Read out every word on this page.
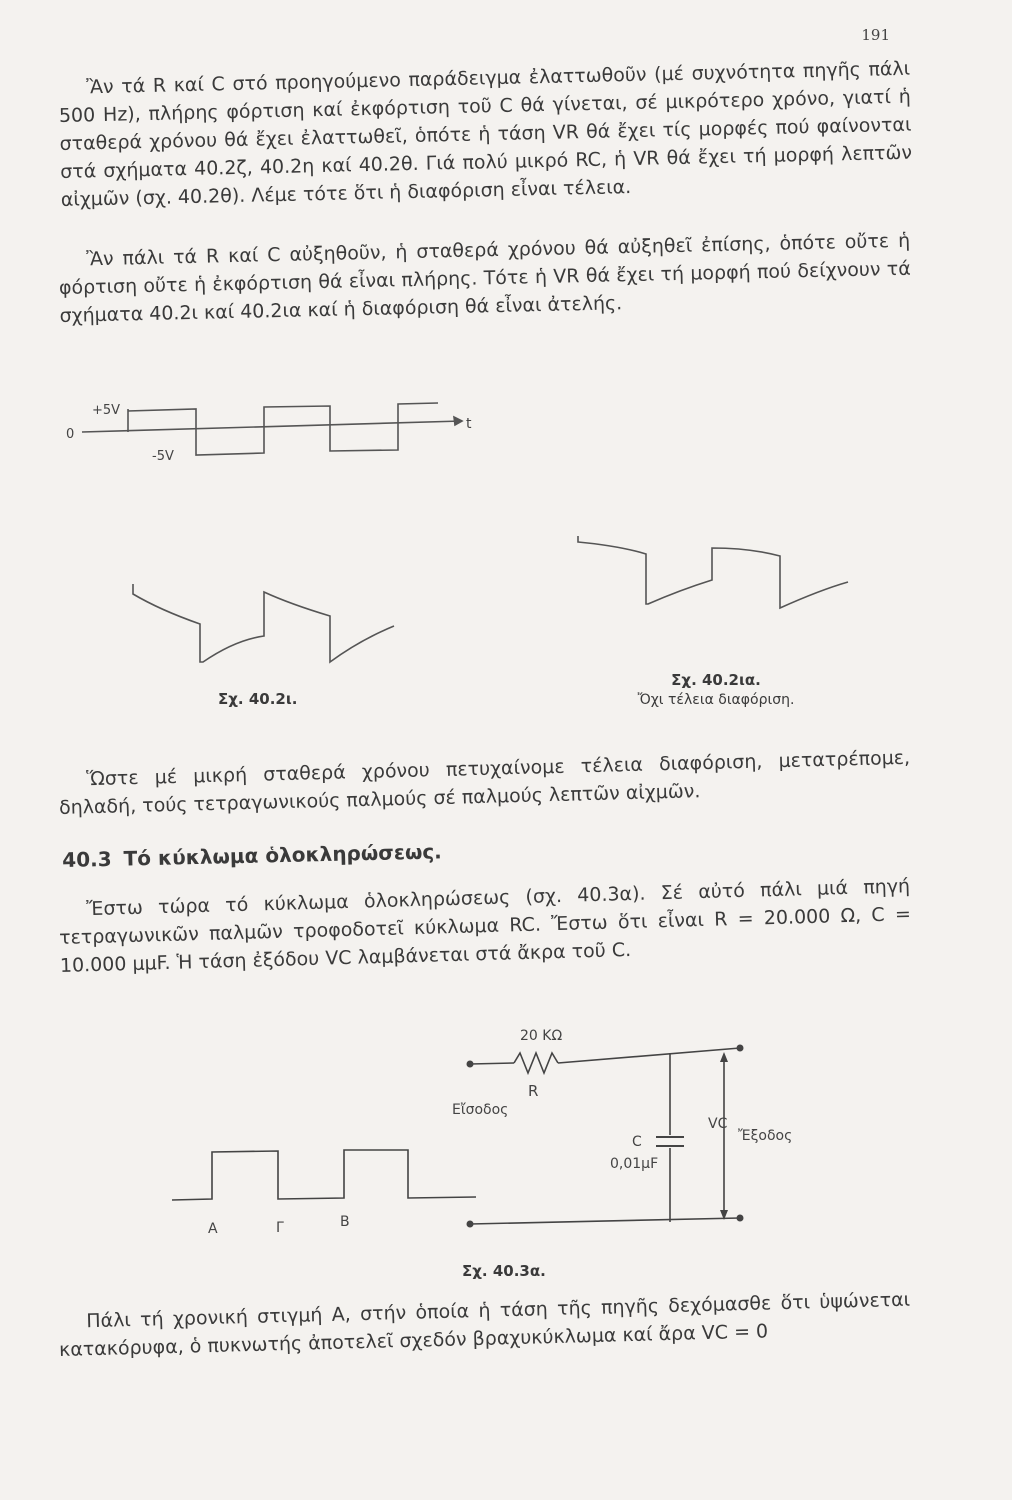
191

Ἂν τά R καί C στό προηγούμενο παράδειγμα ἐλαττωθοῦν (μέ συχνότητα πηγῆς πάλι 500 Hz), πλήρης φόρτιση καί ἐκφόρτιση τοῦ C θά γίνεται, σέ μικρότερο χρόνο, γιατί ἡ σταθερά χρόνου θά ἔχει ἐλαττωθεῖ, ὁπότε ἡ τάση VR θά ἔχει τίς μορφές πού φαίνονται στά σχήματα 40.2ζ, 40.2η καί 40.2θ. Γιά πολύ μικρό RC, ἡ VR θά ἔχει τή μορφή λεπτῶν αἰχμῶν (σχ. 40.2θ). Λέμε τότε ὅτι ἡ διαφόριση εἶναι τέλεια.

Ἂν πάλι τά R καί C αὐξηθοῦν, ἡ σταθερά χρόνου θά αὐξηθεῖ ἐπίσης, ὁπότε οὔτε ἡ φόρτιση οὔτε ἡ ἐκφόρτιση θά εἶναι πλήρης. Τότε ἡ VR θά ἔχει τή μορφή πού δείχνουν τά σχήματα 40.2ι καί 40.2ια καί ἡ διαφόριση θά εἶναι ἀτελής.

+5V
0
-5V
t
Σχ. 40.2ι.
Σχ. 40.2ια.
Ὄχι τέλεια διαφόριση.

Ὥστε μέ μικρή σταθερά χρόνου πετυχαίνομε τέλεια διαφόριση, μετατρέπομε, δηλαδή, τούς τετραγωνικούς παλμούς σέ παλμούς λεπτῶν αἰχμῶν.

40.3 Τό κύκλωμα ὁλοκληρώσεως.

Ἔστω τώρα τό κύκλωμα ὁλοκληρώσεως (σχ. 40.3α). Σέ αὐτό πάλι μιά πηγή τετραγωνικῶν παλμῶν τροφοδοτεῖ κύκλωμα RC. Ἔστω ὅτι εἶναι R = 20.000 Ω, C = 10.000 μμF. Ἡ τάση ἐξόδου VC λαμβάνεται στά ἄκρα τοῦ C.

20 KΩ
R
Εἴσοδος
C
0,01μF
VC
Ἔξοδος
Α	Γ	Β
Σχ. 40.3α.

Πάλι τή χρονική στιγμή Α, στήν ὁποία ἡ τάση τῆς πηγῆς δεχόμασθε ὅτι ὑψώνεται κατακόρυφα, ὁ πυκνωτής ἀποτελεῖ σχεδόν βραχυκύκλωμα καί ἄρα VC = 0
